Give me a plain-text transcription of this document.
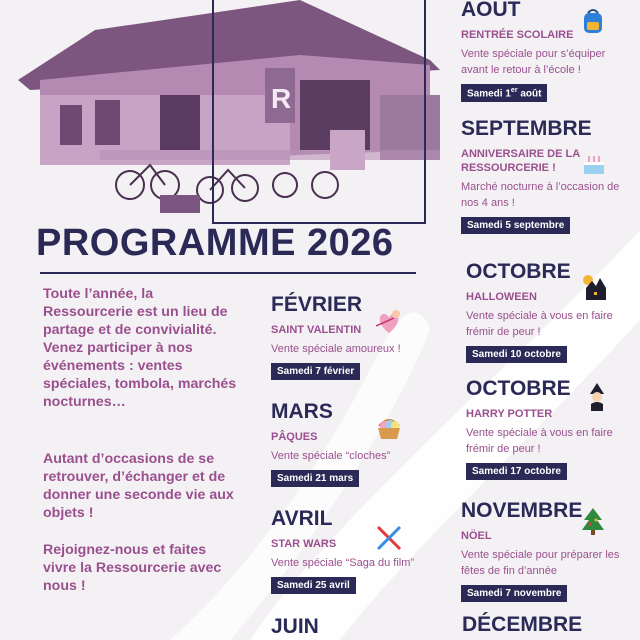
R
PROGRAMME 2026

Toute l’année, la Ressourcerie est un lieu de partage et de convivialité. Venez participer à nos événements : ventes spéciales, tombola, marchés nocturnes…

Autant d’occasions de se retrouver, d’échanger et de donner une seconde vie aux objets !

Rejoignez-nous et faites vivre la Ressourcerie avec nous !

FÉVRIER
SAINT VALENTIN
Vente spéciale amoureux !
Samedi 7 février
MARS
PÂQUES
Vente spéciale “cloches”
Samedi 21 mars
AVRIL
STAR WARS
Vente spéciale “Saga du film”
Samedi 25 avril
JUIN
AOUT
RENTRÉE SCOLAIRE
Vente spéciale pour s’équiper avant le retour à l’école !
Samedi 1er août
SEPTEMBRE
ANNIVERSAIRE DE LA RESSOURCERIE !
Marché nocturne à l’occasion de nos 4 ans !
Samedi 5 septembre
OCTOBRE
HALLOWEEN
Vente spéciale à vous en faire frémir de peur !
Samedi 10 octobre
OCTOBRE
HARRY POTTER
Vente spéciale à vous en faire frémir de peur !
Samedi 17 octobre
NOVEMBRE
NÖEL
Vente spéciale pour préparer les fêtes de fin d’année
Samedi 7 novembre
DÉCEMBRE
